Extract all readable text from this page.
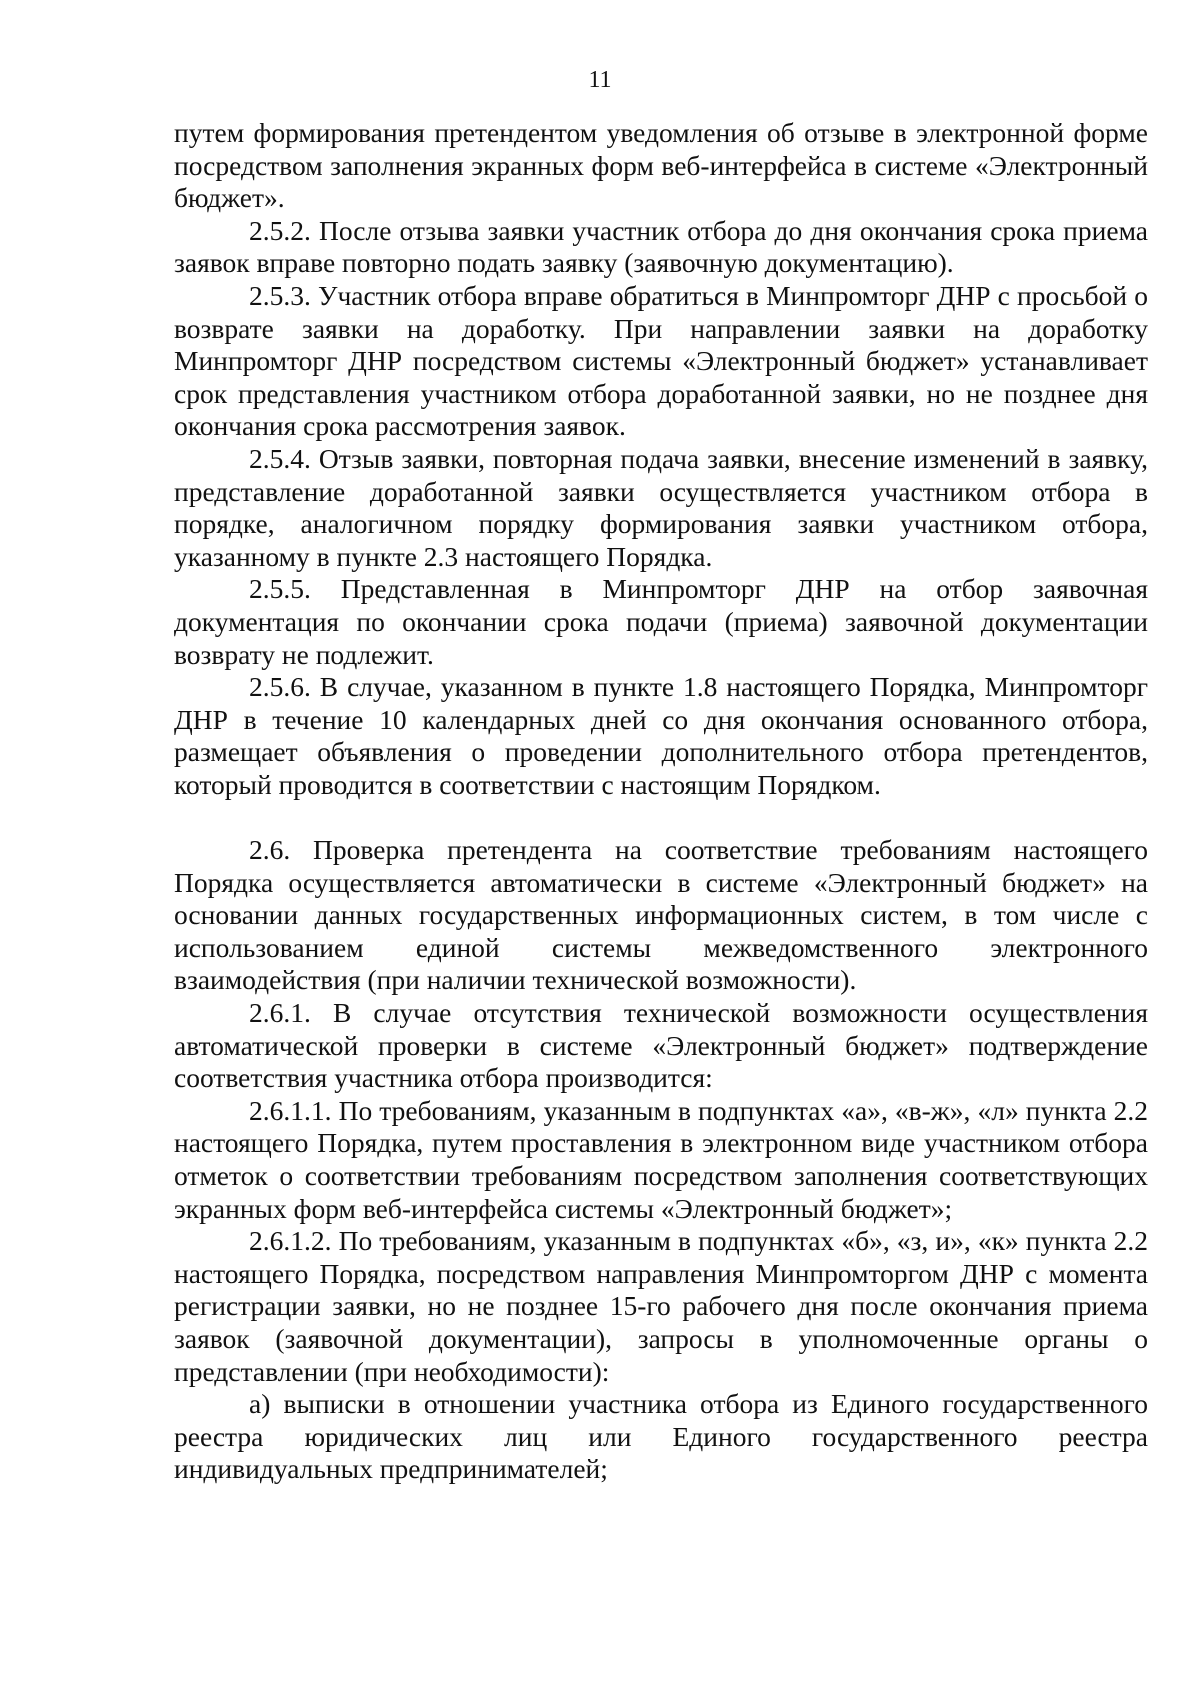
11

путем формирования претендентом уведомления об отзыве в электронной форме посредством заполнения экранных форм веб-интерфейса в системе «Электронный бюджет».

2.5.2. После отзыва заявки участник отбора до дня окончания срока приема заявок вправе повторно подать заявку (заявочную документацию).

2.5.3. Участник отбора вправе обратиться в Минпромторг ДНР с просьбой о возврате заявки на доработку. При направлении заявки на доработку Минпромторг ДНР посредством системы «Электронный бюджет» устанавливает срок представления участником отбора доработанной заявки, но не позднее дня окончания срока рассмотрения заявок.

2.5.4. Отзыв заявки, повторная подача заявки, внесение изменений в заявку, представление доработанной заявки осуществляется участником отбора в порядке, аналогичном порядку формирования заявки участником отбора, указанному в пункте 2.3 настоящего Порядка.

2.5.5. Представленная в Минпромторг ДНР на отбор заявочная документация по окончании срока подачи (приема) заявочной документации возврату не подлежит.

2.5.6. В случае, указанном в пункте 1.8 настоящего Порядка, Минпромторг ДНР в течение 10 календарных дней со дня окончания основанного отбора, размещает объявления о проведении дополнительного отбора претендентов, который проводится в соответствии с настоящим Порядком.

2.6. Проверка претендента на соответствие требованиям настоящего Порядка осуществляется автоматически в системе «Электронный бюджет» на основании данных государственных информационных систем, в том числе с использованием единой системы межведомственного электронного взаимодействия (при наличии технической возможности).

2.6.1. В случае отсутствия технической возможности осуществления автоматической проверки в системе «Электронный бюджет» подтверждение соответствия участника отбора производится:

2.6.1.1. По требованиям, указанным в подпунктах «а», «в-ж», «л» пункта 2.2 настоящего Порядка, путем проставления в электронном виде участником отбора отметок о соответствии требованиям посредством заполнения соответствующих экранных форм веб-интерфейса системы «Электронный бюджет»;

2.6.1.2. По требованиям, указанным в подпунктах «б», «з, и», «к» пункта 2.2 настоящего Порядка, посредством направления Минпромторгом ДНР с момента регистрации заявки, но не позднее 15-го рабочего дня после окончания приема заявок (заявочной документации), запросы в уполномоченные органы о представлении (при необходимости):

а) выписки в отношении участника отбора из Единого государственного реестра юридических лиц или Единого государственного реестра индивидуальных предпринимателей;
